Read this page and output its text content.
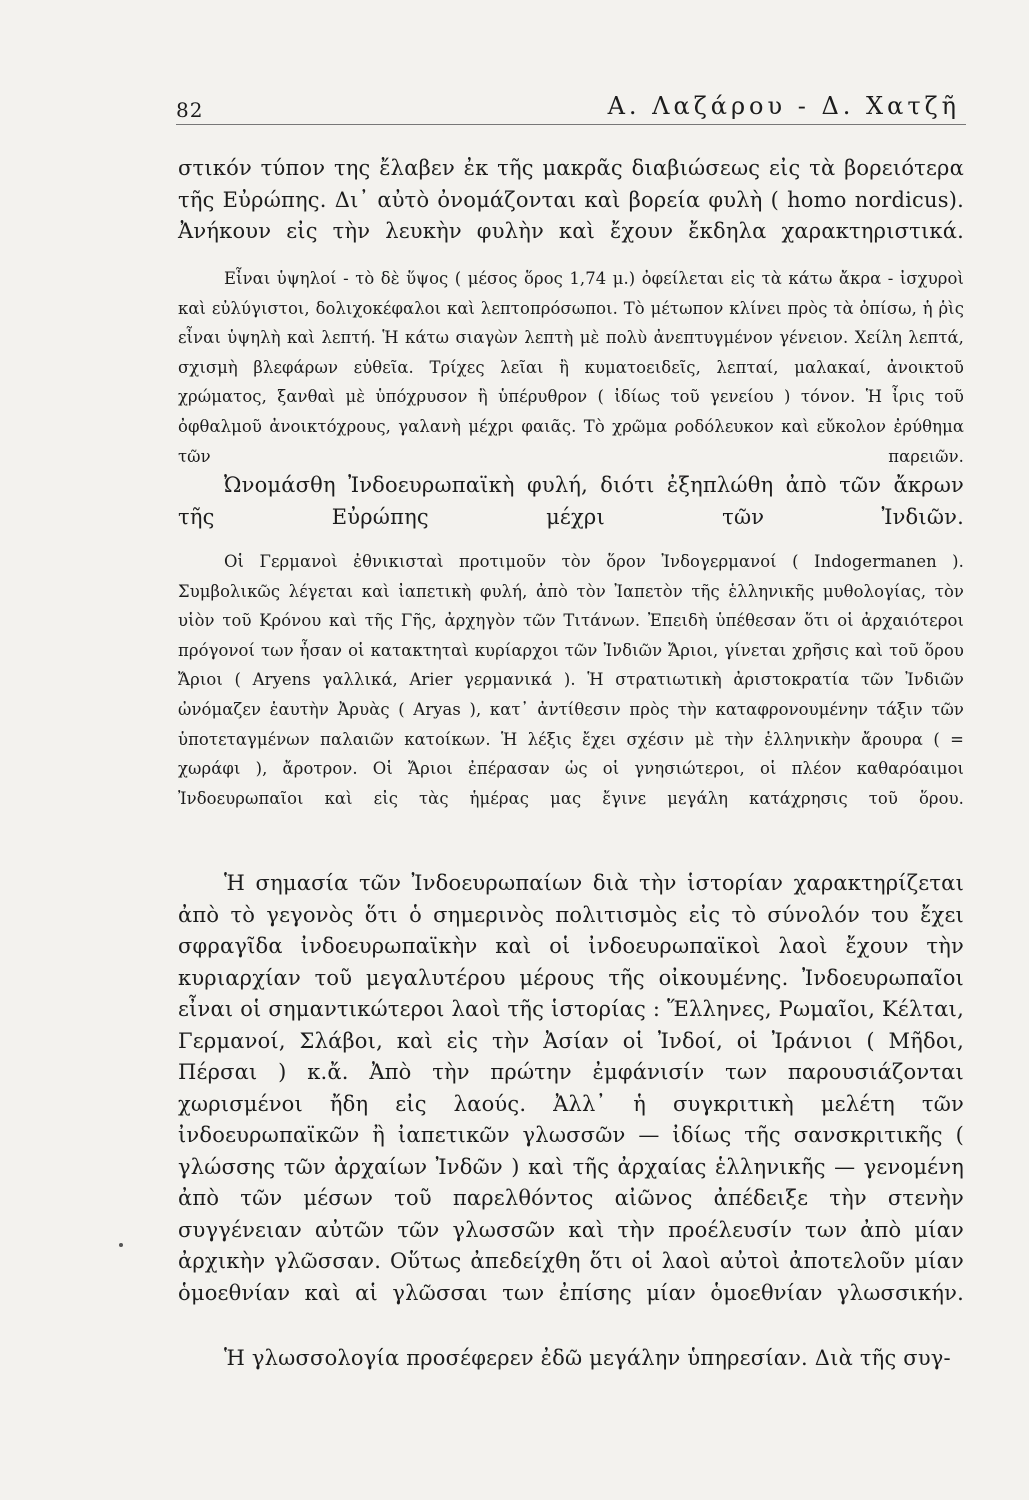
82	Α. Λαζάρου - Δ. Χατζῆ

στικόν τύπον της ἔλαβεν ἐκ τῆς μακρᾶς διαβιώσεως εἰς τὰ βορειότερα τῆς Εὐρώπης. Δι᾽ αὐτὸ ὀνομάζονται καὶ βορεία φυλὴ ( homo nordicus). Ἀνήκουν εἰς τὴν λευκὴν φυλὴν καὶ ἔχουν ἔκδηλα χαρακτηριστικά.

Εἶναι ὑψηλοί - τὸ δὲ ὕψος ( μέσος ὅρος 1,74 μ.) ὀφείλεται εἰς τὰ κάτω ἄκρα - ἰσχυροὶ καὶ εὐλύγιστοι, δολιχοκέφαλοι καὶ λεπτοπρόσωποι. Τὸ μέτωπον κλίνει πρὸς τὰ ὀπίσω, ἡ ῥὶς εἶναι ὑψηλὴ καὶ λεπτή. Ἡ κάτω σιαγὼν λεπτὴ μὲ πολὺ ἀνεπτυγμένον γένειον. Χείλη λεπτά, σχισμὴ βλεφάρων εὐθεῖα. Τρίχες λεῖαι ἢ κυματοειδεῖς, λεπταί, μαλακαί, ἀνοικτοῦ χρώματος, ξανθαὶ μὲ ὑπόχρυσον ἢ ὑπέρυθρον ( ἰδίως τοῦ γενείου ) τόνον. Ἡ ἶρις τοῦ ὀφθαλμοῦ ἀνοικτόχρους, γαλανὴ μέχρι φαιᾶς. Τὸ χρῶμα ροδόλευκον καὶ εὔκολον ἐρύθημα τῶν παρειῶν.

Ὠνομάσθη Ἰνδοευρωπαϊκὴ φυλή, διότι ἐξηπλώθη ἀπὸ τῶν ἄκρων τῆς Εὐρώπης μέχρι τῶν Ἰνδιῶν.

Οἱ Γερμανοὶ ἐθνικισταὶ προτιμοῦν τὸν ὅρον Ἰνδογερμανοί ( Indogermanen ). Συμβολικῶς λέγεται καὶ ἰαπετικὴ φυλή, ἀπὸ τὸν Ἰαπετὸν τῆς ἑλληνικῆς μυθολογίας, τὸν υἱὸν τοῦ Κρόνου καὶ τῆς Γῆς, ἀρχηγὸν τῶν Τιτάνων. Ἐπειδὴ ὑπέθεσαν ὅτι οἱ ἀρχαιότεροι πρόγονοί των ἦσαν οἱ κατακτηταὶ κυρίαρχοι τῶν Ἰνδιῶν Ἄριοι, γίνεται χρῆσις καὶ τοῦ ὅρου Ἄριοι ( Aryens γαλλικά, Arier γερμανικά ). Ἡ στρατιωτικὴ ἀριστοκρατία τῶν Ἰνδιῶν ὠνόμαζεν ἑαυτὴν Ἀρυὰς ( Aryas ), κατ᾽ ἀντίθεσιν πρὸς τὴν καταφρονουμένην τάξιν τῶν ὑποτεταγμένων παλαιῶν κατοίκων. Ἡ λέξις ἔχει σχέσιν μὲ τὴν ἑλληνικὴν ἄρουρα ( = χωράφι ), ἄροτρον. Οἱ Ἄριοι ἐπέρασαν ὡς οἱ γνησιώτεροι, οἱ πλέον καθαρόαιμοι Ἰνδοευρωπαῖοι καὶ εἰς τὰς ἡμέρας μας ἔγινε μεγάλη κατάχρησις τοῦ ὅρου.

Ἡ σημασία τῶν Ἰνδοευρωπαίων διὰ τὴν ἱστορίαν χαρακτηρίζεται ἀπὸ τὸ γεγονὸς ὅτι ὁ σημερινὸς πολιτισμὸς εἰς τὸ σύνολόν του ἔχει σφραγῖδα ἰνδοευρωπαϊκὴν καὶ οἱ ἰνδοευρωπαϊκοὶ λαοὶ ἔχουν τὴν κυριαρχίαν τοῦ μεγαλυτέρου μέρους τῆς οἰκουμένης. Ἰνδοευρωπαῖοι εἶναι οἱ σημαντικώτεροι λαοὶ τῆς ἱστορίας : Ἕλληνες, Ρωμαῖοι, Κέλται, Γερμανοί, Σλάβοι, καὶ εἰς τὴν Ἀσίαν οἱ Ἰνδοί, οἱ Ἰράνιοι ( Μῆδοι, Πέρσαι ) κ.ἄ. Ἀπὸ τὴν πρώτην ἐμφάνισίν των παρουσιάζονται χωρισμένοι ἤδη εἰς λαούς. Ἀλλ᾽ ἡ συγκριτικὴ μελέτη τῶν ἰνδοευρωπαϊκῶν ἢ ἰαπετικῶν γλωσσῶν — ἰδίως τῆς σανσκριτικῆς ( γλώσσης τῶν ἀρχαίων Ἰνδῶν ) καὶ τῆς ἀρχαίας ἑλληνικῆς — γενομένη ἀπὸ τῶν μέσων τοῦ παρελθόντος αἰῶνος ἀπέδειξε τὴν στενὴν συγγένειαν αὐτῶν τῶν γλωσσῶν καὶ τὴν προέλευσίν των ἀπὸ μίαν ἀρχικὴν γλῶσσαν. Οὕτως ἀπεδείχθη ὅτι οἱ λαοὶ αὐτοὶ ἀποτελοῦν μίαν ὁμοεθνίαν καὶ αἱ γλῶσσαι των ἐπίσης μίαν ὁμοεθνίαν γλωσσικήν.

Ἡ γλωσσολογία προσέφερεν ἐδῶ μεγάλην ὑπηρεσίαν. Διὰ τῆς συγ-
